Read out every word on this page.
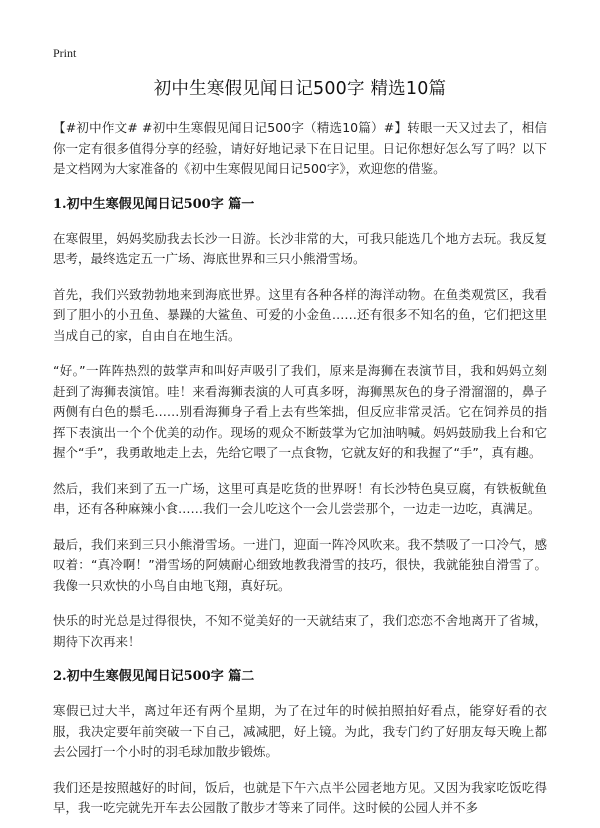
Print
初中生寒假见闻日记500字 精选10篇

【#初中作文# #初中生寒假见闻日记500字（精选10篇）#】转眼一天又过去了，相信你一定有很多值得分享的经验，请好好地记录下在日记里。日记你想好怎么写了吗？以下是文档网为大家准备的《初中生寒假见闻日记500字》，欢迎您的借鉴。

1.初中生寒假见闻日记500字 篇一

在寒假里，妈妈奖励我去长沙一日游。长沙非常的大，可我只能选几个地方去玩。我反复思考，最终选定五一广场、海底世界和三只小熊滑雪场。

首先，我们兴致勃勃地来到海底世界。这里有各种各样的海洋动物。在鱼类观赏区，我看到了胆小的小丑鱼、暴躁的大鲨鱼、可爱的小金鱼……还有很多不知名的鱼，它们把这里当成自己的家，自由自在地生活。

“好。”一阵阵热烈的鼓掌声和叫好声吸引了我们，原来是海狮在表演节目，我和妈妈立刻赶到了海狮表演馆。哇！来看海狮表演的人可真多呀，海狮黑灰色的身子滑溜溜的，鼻子两侧有白色的鬃毛……别看海狮身子看上去有些笨拙，但反应非常灵活。它在饲养员的指挥下表演出一个个优美的动作。现场的观众不断鼓掌为它加油呐喊。妈妈鼓励我上台和它握个“手”，我勇敢地走上去，先给它喂了一点食物，它就友好的和我握了“手”，真有趣。

然后，我们来到了五一广场，这里可真是吃货的世界呀！有长沙特色臭豆腐，有铁板鱿鱼串，还有各种麻辣小食……我们一会儿吃这个一会儿尝尝那个，一边走一边吃，真满足。

最后，我们来到三只小熊滑雪场。一进门，迎面一阵冷风吹来。我不禁吸了一口冷气，感叹着：“真冷啊！”滑雪场的阿姨耐心细致地教我滑雪的技巧，很快，我就能独自滑雪了。我像一只欢快的小鸟自由地飞翔，真好玩。

快乐的时光总是过得很快，不知不觉美好的一天就结束了，我们恋恋不舍地离开了省城，期待下次再来！

2.初中生寒假见闻日记500字 篇二

寒假已过大半，离过年还有两个星期，为了在过年的时候拍照拍好看点，能穿好看的衣服，我决定要年前突破一下自己，减减肥，好上镜。为此，我专门约了好朋友每天晚上都去公园打一个小时的羽毛球加散步锻炼。

我们还是按照越好的时间，饭后，也就是下午六点半公园老地方见。又因为我家吃饭吃得早，我一吃完就先开车去公园散了散步才等来了同伴。这时候的公园人并不多
